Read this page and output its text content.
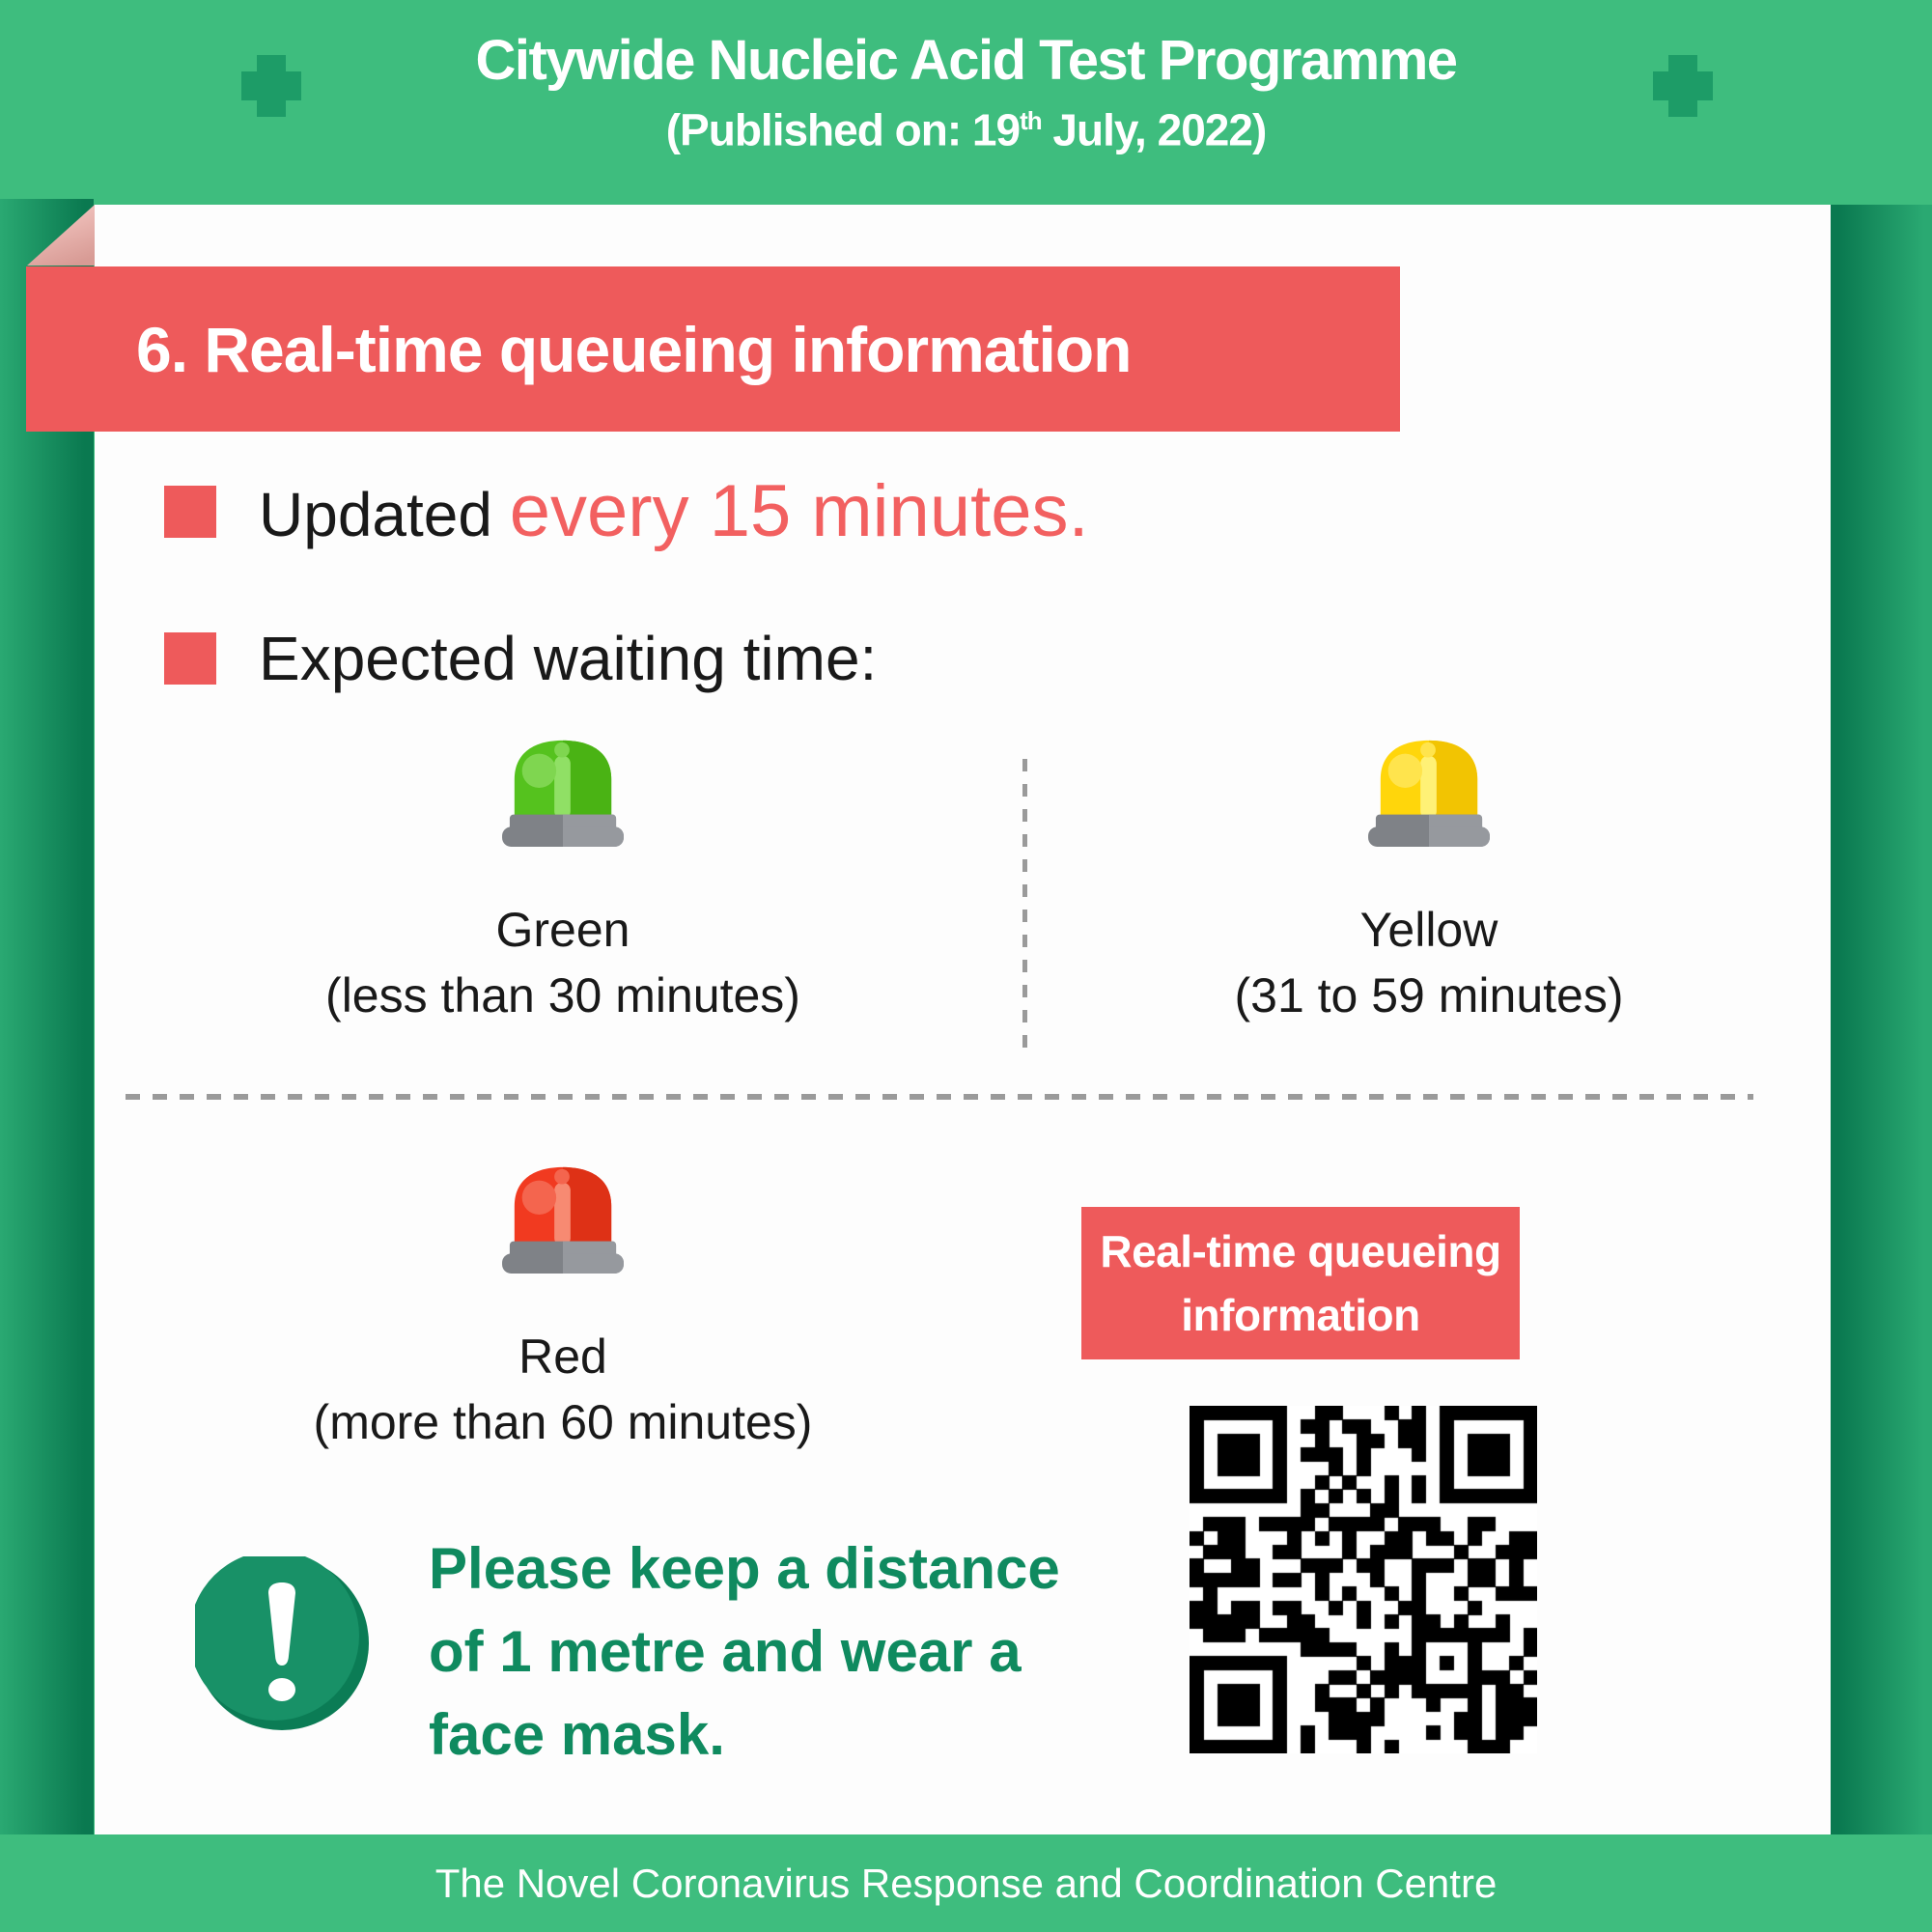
Citywide Nucleic Acid Test Programme
(Published on: 19th July, 2022)
6. Real-time queueing information
Updated every 15 minutes.
Expected waiting time:
Green
(less than 30 minutes)
Yellow
(31 to 59 minutes)
Red
(more than 60 minutes)
Real-time queueing
information
Please keep a distance
of 1 metre and wear a
face mask.
The Novel Coronavirus Response and Coordination Centre
